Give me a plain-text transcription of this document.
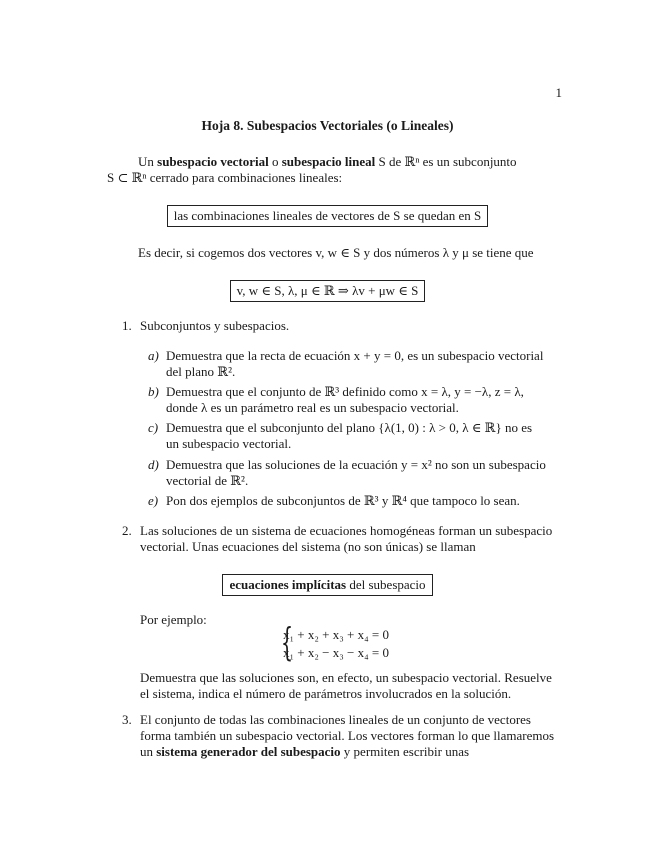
1
Hoja 8. Subespacios Vectoriales (o Lineales)
Un subespacio vectorial o subespacio lineal S de ℝⁿ es un subconjunto
S ⊂ ℝⁿ cerrado para combinaciones lineales:
las combinaciones lineales de vectores de S se quedan en S
Es decir, si cogemos dos vectores v, w ∈ S y dos números λ y μ se tiene que
v, w ∈ S, λ, μ ∈ ℝ ⇒ λv + μw ∈ S
1. Subconjuntos y subespacios.
a) Demuestra que la recta de ecuación x + y = 0, es un subespacio vectorial
del plano ℝ².
b) Demuestra que el conjunto de ℝ³ definido como x = λ, y = −λ, z = λ,
donde λ es un parámetro real es un subespacio vectorial.
c) Demuestra que el subconjunto del plano {λ(1, 0) : λ > 0, λ ∈ ℝ} no es
un subespacio vectorial.
d) Demuestra que las soluciones de la ecuación y = x² no son un subespacio
vectorial de ℝ².
e) Pon dos ejemplos de subconjuntos de ℝ³ y ℝ⁴ que tampoco lo sean.
2. Las soluciones de un sistema de ecuaciones homogéneas forman un subespacio
vectorial. Unas ecuaciones del sistema (no son únicas) se llaman
ecuaciones implícitas del subespacio
Por ejemplo:
{
x₁ + x₂ + x₃ + x₄ = 0
x₁ + x₂ − x₃ − x₄ = 0
Demuestra que las soluciones son, en efecto, un subespacio vectorial. Resuelve
el sistema, indica el número de parámetros involucrados en la solución.
3. El conjunto de todas las combinaciones lineales de un conjunto de vectores
forma también un subespacio vectorial. Los vectores forman lo que llamaremos
un sistema generador del subespacio y permiten escribir unas
